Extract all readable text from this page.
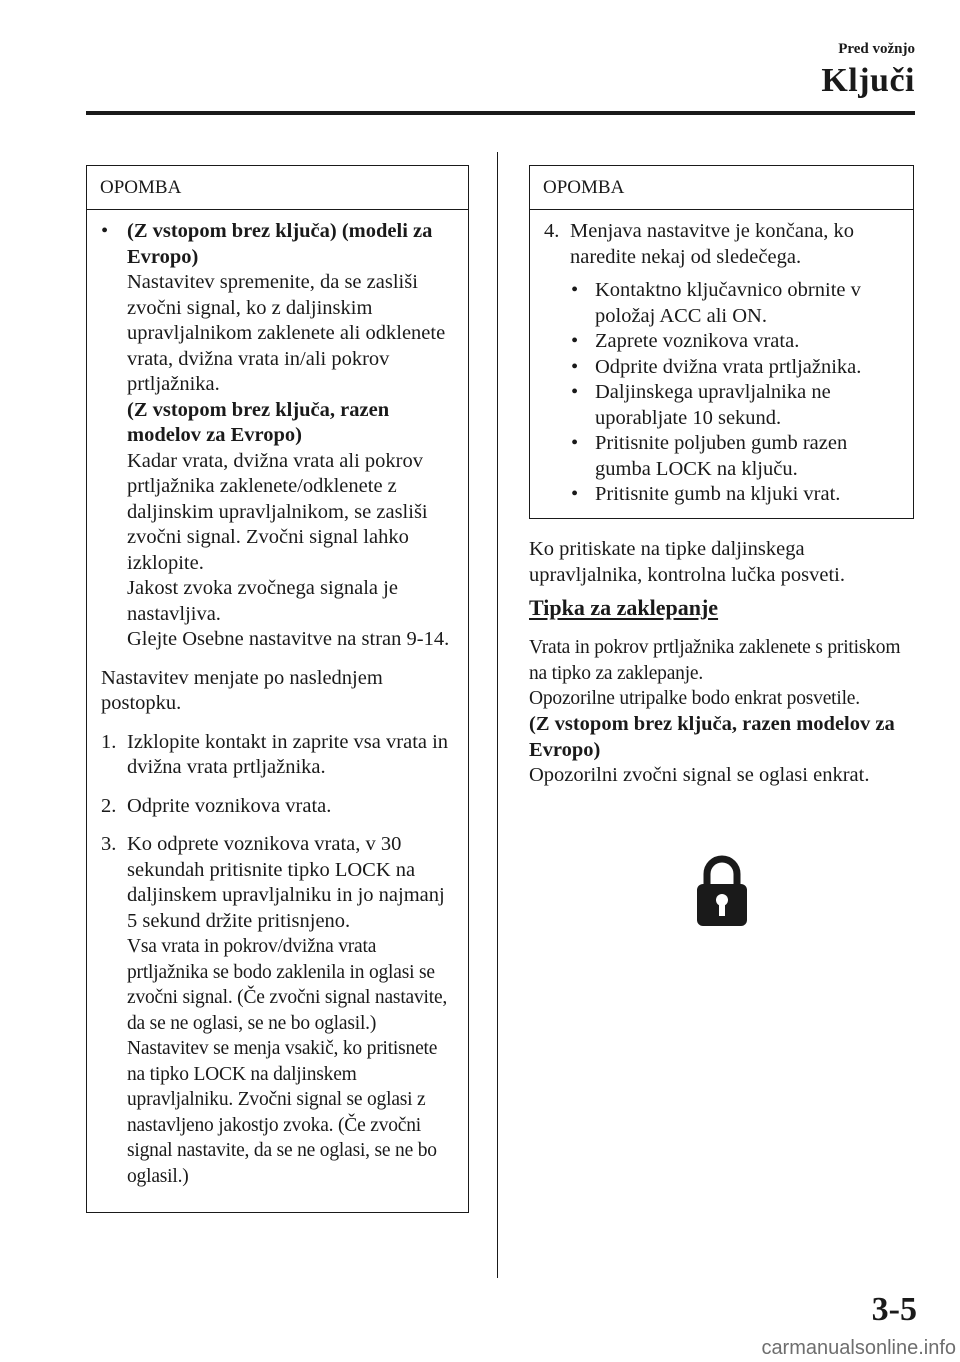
Pred vožnjo
Ključi
OPOMBA
• (Z vstopom brez ključa) (modeli za Evropo)

Nastavitev spremenite, da se zasliši zvočni signal, ko z daljinskim upravljalnikom zaklenete ali odklenete vrata, dvižna vrata in/ali pokrov prtljažnika.

(Z vstopom brez ključa, razen modelov za Evropo)

Kadar vrata, dvižna vrata ali pokrov prtljažnika zaklenete/odklenete z daljinskim upravljalnikom, se zasliši zvočni signal. Zvočni signal lahko izklopite.

Jakost zvoka zvočnega signala je nastavljiva.

Glejte Osebne nastavitve na stran 9-14.

Nastavitev menjate po naslednjem postopku.

1. Izklopite kontakt in zaprite vsa vrata in dvižna vrata prtljažnika.

2. Odprite voznikova vrata.

3. Ko odprete voznikova vrata, v 30 sekundah pritisnite tipko LOCK na daljinskem upravljalniku in jo najmanj 5 sekund držite pritisnjeno.

Vsa vrata in pokrov/dvižna vrata prtljažnika se bodo zaklenila in oglasi se zvočni signal. (Če zvočni signal nastavite, da se ne oglasi, se ne bo oglasil.) Nastavitev se menja vsakič, ko pritisnete na tipko LOCK na daljinskem upravljalniku. Zvočni signal se oglasi z nastavljeno jakostjo zvoka. (Če zvočni signal nastavite, da se ne oglasi, se ne bo oglasil.)

OPOMBA
4. Menjava nastavitve je končana, ko naredite nekaj od sledečega.

• Kontaktno ključavnico obrnite v položaj ACC ali ON.
• Zaprete voznikova vrata.
• Odprite dvižna vrata prtljažnika.
• Daljinskega upravljalnika ne uporabljate 10 sekund.
• Pritisnite poljuben gumb razen gumba LOCK na ključu.
• Pritisnite gumb na kljuki vrat.

Ko pritiskate na tipke daljinskega upravljalnika, kontrolna lučka posveti.

Tipka za zaklepanje

Vrata in pokrov prtljažnika zaklenete s pritiskom na tipko za zaklepanje.

Opozorilne utripalke bodo enkrat posvetile.

(Z vstopom brez ključa, razen modelov za Evropo)

Opozorilni zvočni signal se oglasi enkrat.

3-5
carmanualsonline.info
